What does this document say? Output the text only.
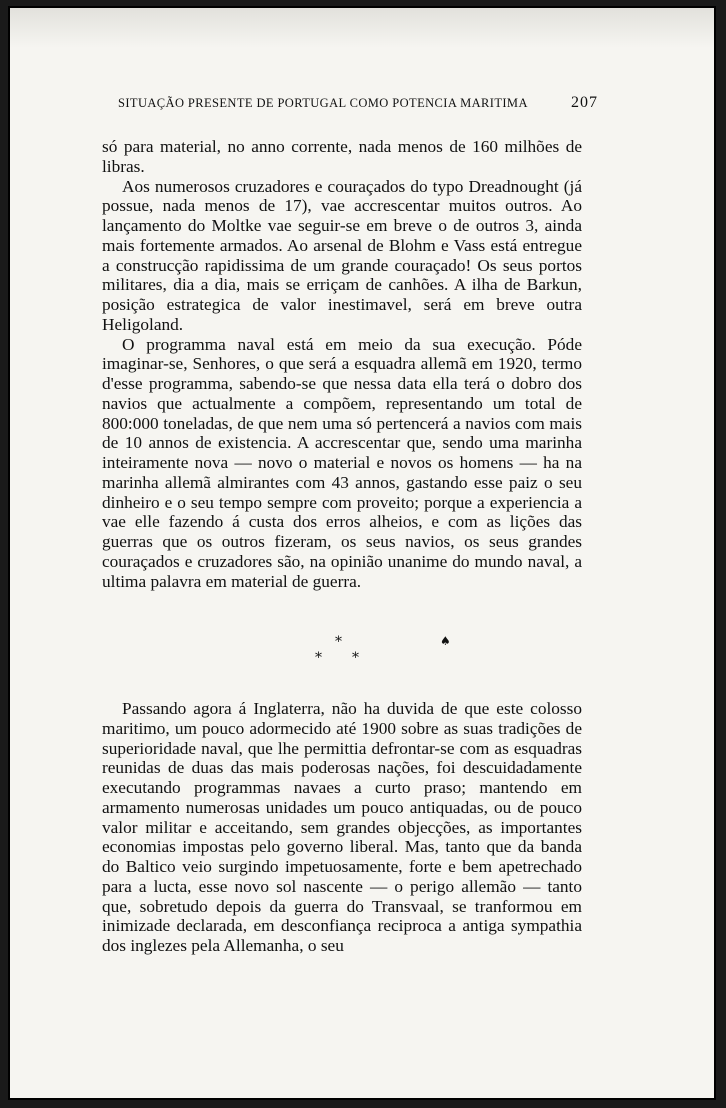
SITUAÇÃO PRESENTE DE PORTUGAL COMO POTENCIA MARITIMA	207

só para material, no anno corrente, nada menos de 160 milhões de libras.

Aos numerosos cruzadores e couraçados do typo Dreadnought (já possue, nada menos de 17), vae accrescentar muitos outros. Ao lançamento do Moltke vae seguir-se em breve o de outros 3, ainda mais fortemente armados. Ao arsenal de Blohm e Vass está entregue a construcção rapidissima de um grande couraçado! Os seus portos militares, dia a dia, mais se erriçam de canhões. A ilha de Barkun, posição estrategica de valor inestimavel, será em breve outra Heligoland.

O programma naval está em meio da sua execução. Póde imaginar-se, Senhores, o que será a esquadra allemã em 1920, termo d'esse programma, sabendo-se que nessa data ella terá o dobro dos navios que actualmente a compõem, representando um total de 800:000 toneladas, de que nem uma só pertencerá a navios com mais de 10 annos de existencia. A accrescentar que, sendo uma marinha inteiramente nova — novo o material e novos os homens — ha na marinha allemã almirantes com 43 annos, gastando esse paiz o seu dinheiro e o seu tempo sempre com proveito; porque a experiencia a vae elle fazendo á custa dos erros alheios, e com as lições das guerras que os outros fizeram, os seus navios, os seus grandes couraçados e cruzadores são, na opinião unanime do mundo naval, a ultima palavra em material de guerra.

*
* *
♠

Passando agora á Inglaterra, não ha duvida de que este colosso maritimo, um pouco adormecido até 1900 sobre as suas tradições de superioridade naval, que lhe permittia defrontar-se com as esquadras reunidas de duas das mais poderosas nações, foi descuidadamente executando programmas navaes a curto praso; mantendo em armamento numerosas unidades um pouco antiquadas, ou de pouco valor militar e acceitando, sem grandes objecções, as importantes economias impostas pelo governo liberal. Mas, tanto que da banda do Baltico veio surgindo impetuosamente, forte e bem apetrechado para a lucta, esse novo sol nascente — o perigo allemão — tanto que, sobretudo depois da guerra do Transvaal, se tranformou em inimizade declarada, em desconfiança reciproca a antiga sympathia dos inglezes pela Allemanha, o seu
